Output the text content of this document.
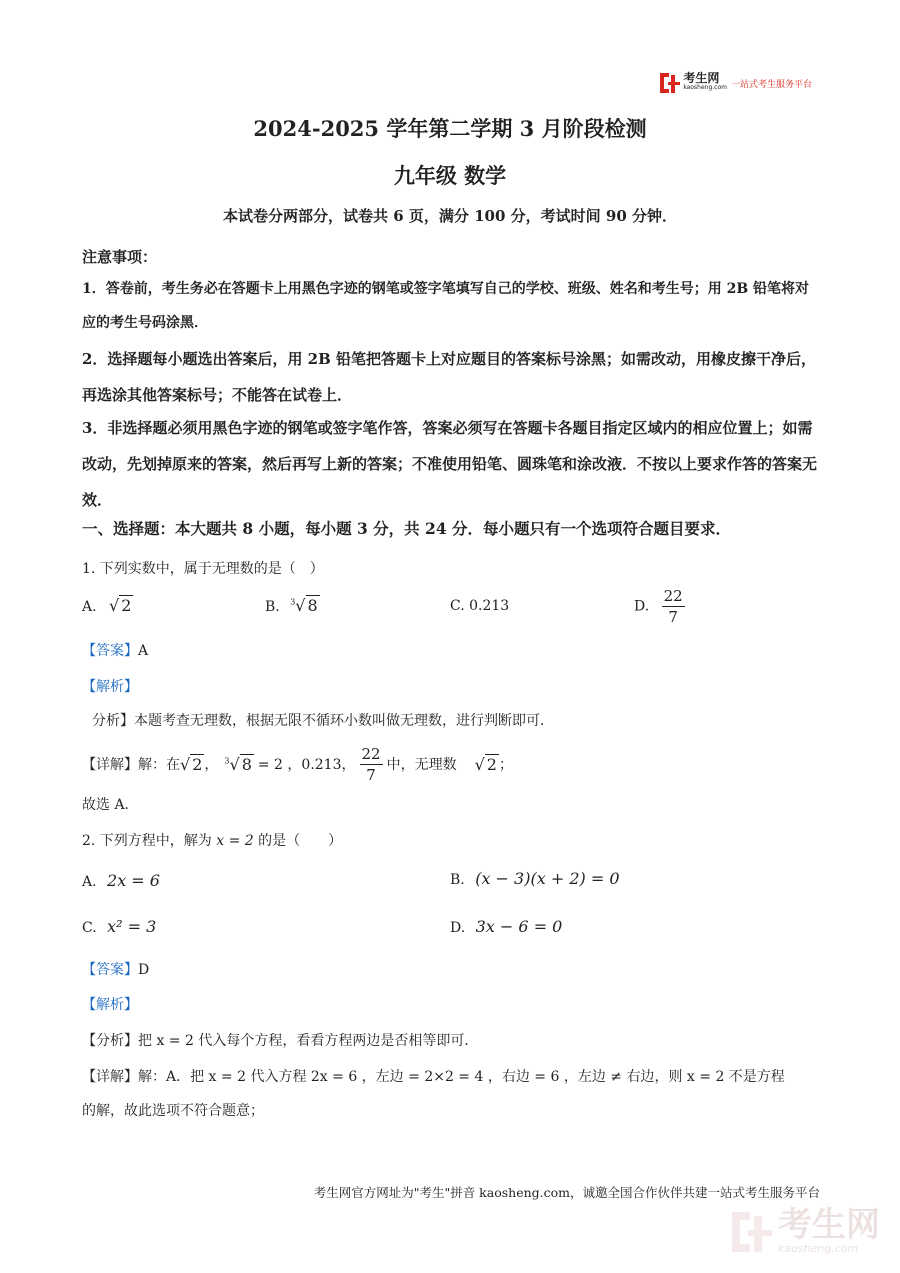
考生网
kaosheng.com 一站式考生服务平台
2024-2025 学年第二学期 3 月阶段检测
九年级 数学
本试卷分两部分，试卷共 6 页，满分 100 分，考试时间 90 分钟．
注意事项：
1．答卷前，考生务必在答题卡上用黑色字迹的钢笔或签字笔填写自己的学校、班级、姓名和考生号；用 2B 铅笔将对应的考生号码涂黑．
2．选择题每小题选出答案后，用 2B 铅笔把答题卡上对应题目的答案标号涂黑；如需改动，用橡皮擦干净后，再选涂其他答案标号；不能答在试卷上．
3．非选择题必须用黑色字迹的钢笔或签字笔作答，答案必须写在答题卡各题目指定区域内的相应位置上；如需改动，先划掉原来的答案，然后再写上新的答案；不准使用铅笔、圆珠笔和涂改液．不按以上要求作答的答案无效．
一、选择题：本大题共 8 小题，每小题 3 分，共 24 分．每小题只有一个选项符合题目要求．
1. 下列实数中，属于无理数的是（　）
A. √ 2	B. $^3$√ 8	C. 0.213	D. $\frac{22}{7}$
【答案】A
【解析】
分析】本题考查无理数，根据无限不循环小数叫做无理数，进行判断即可．
【详解】 解：在 √ 2 ， $^3$√ 8 = 2 ，0.213， $\frac{22}{7}$ 中，无理数 √ 2 ；
故选 A．
2. 下列方程中，解为 x = 2 的是（　　）
A. 2x = 6	B. (x − 3)(x + 2) = 0
C. x² = 3	D. 3x − 6 = 0
【答案】D
【解析】
【分析】把 x = 2 代入每个方程，看看方程两边是否相等即可．
【详解】解：A．把 x = 2 代入方程 2x = 6 ，左边 = 2×2 = 4 ，右边 = 6 ，左边 ≠ 右边，则 x = 2 不是方程
的解，故此选项不符合题意；
考生网官方网址为"考生"拼音 kaosheng.com，诚邀全国合作伙伴共建一站式考生服务平台
考生网
kaosheng.com
